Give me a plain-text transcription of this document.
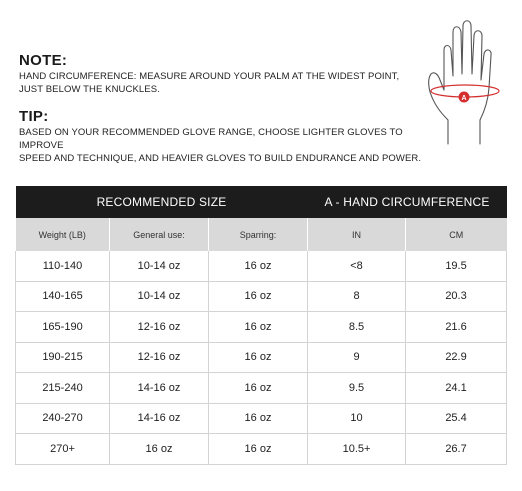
NOTE:
HAND CIRCUMFERENCE: MEASURE AROUND YOUR PALM AT THE WIDEST POINT,
JUST BELOW THE KNUCKLES.
TIP:
BASED ON YOUR RECOMMENDED GLOVE RANGE, CHOOSE LIGHTER GLOVES TO IMPROVE
SPEED AND TECHNIQUE, AND HEAVIER GLOVES TO BUILD ENDURANCE AND POWER.
A
RECOMMENDED SIZE			A - HAND CIRCUMFERENCE	
Weight (LB)	General use:	Sparring:	IN	CM
110-140	10-14 oz	16 oz	<8	19.5
140-165	10-14 oz	16 oz	8	20.3
165-190	12-16 oz	16 oz	8.5	21.6
190-215	12-16 oz	16 oz	9	22.9
215-240	14-16 oz	16 oz	9.5	24.1
240-270	14-16 oz	16 oz	10	25.4
270+	16 oz	16 oz	10.5+	26.7
